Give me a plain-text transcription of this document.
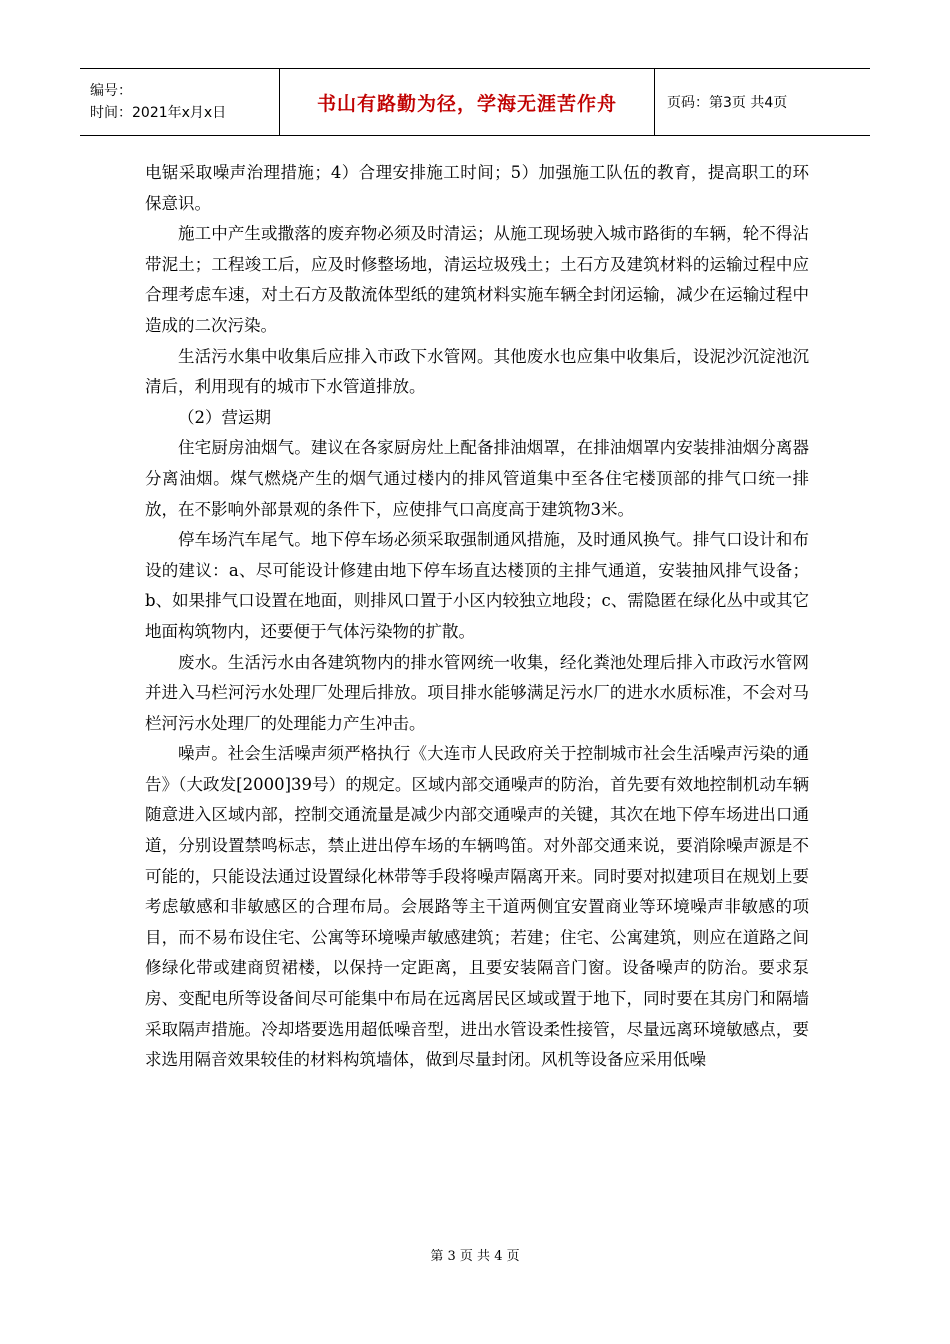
编号：
时间：2021年x月x日	书山有路勤为径，学海无涯苦作舟	页码：第3页 共4页

电锯采取噪声治理措施；4）合理安排施工时间；5）加强施工队伍的教育，提高职工的环保意识。

施工中产生或撒落的废弃物必须及时清运；从施工现场驶入城市路街的车辆，轮不得沾带泥土；工程竣工后，应及时修整场地，清运垃圾残土；土石方及建筑材料的运输过程中应合理考虑车速，对土石方及散流体型纸的建筑材料实施车辆全封闭运输，减少在运输过程中造成的二次污染。

生活污水集中收集后应排入市政下水管网。其他废水也应集中收集后，设泥沙沉淀池沉清后，利用现有的城市下水管道排放。

（2）营运期

住宅厨房油烟气。建议在各家厨房灶上配备排油烟罩，在排油烟罩内安装排油烟分离器分离油烟。煤气燃烧产生的烟气通过楼内的排风管道集中至各住宅楼顶部的排气口统一排放，在不影响外部景观的条件下，应使排气口高度高于建筑物3米。

停车场汽车尾气。地下停车场必须采取强制通风措施，及时通风换气。排气口设计和布设的建议：a、尽可能设计修建由地下停车场直达楼顶的主排气通道，安装抽风排气设备；b、如果排气口设置在地面，则排风口置于小区内较独立地段；c、需隐匿在绿化丛中或其它地面构筑物内，还要便于气体污染物的扩散。

废水。生活污水由各建筑物内的排水管网统一收集，经化粪池处理后排入市政污水管网并进入马栏河污水处理厂处理后排放。项目排水能够满足污水厂的进水水质标准，不会对马栏河污水处理厂的处理能力产生冲击。

噪声。社会生活噪声须严格执行《大连市人民政府关于控制城市社会生活噪声污染的通告》（大政发[2000]39号）的规定。区域内部交通噪声的防治，首先要有效地控制机动车辆随意进入区域内部，控制交通流量是减少内部交通噪声的关键，其次在地下停车场进出口通道，分别设置禁鸣标志，禁止进出停车场的车辆鸣笛。对外部交通来说，要消除噪声源是不可能的，只能设法通过设置绿化林带等手段将噪声隔离开来。同时要对拟建项目在规划上要考虑敏感和非敏感区的合理布局。会展路等主干道两侧宜安置商业等环境噪声非敏感的项目，而不易布设住宅、公寓等环境噪声敏感建筑；若建；住宅、公寓建筑，则应在道路之间修绿化带或建商贸裙楼，以保持一定距离，且要安装隔音门窗。设备噪声的防治。要求泵房、变配电所等设备间尽可能集中布局在远离居民区域或置于地下，同时要在其房门和隔墙采取隔声措施。冷却塔要选用超低噪音型，进出水管设柔性接管，尽量远离环境敏感点，要求选用隔音效果较佳的材料构筑墙体，做到尽量封闭。风机等设备应采用低噪

第 3 页 共 4 页
